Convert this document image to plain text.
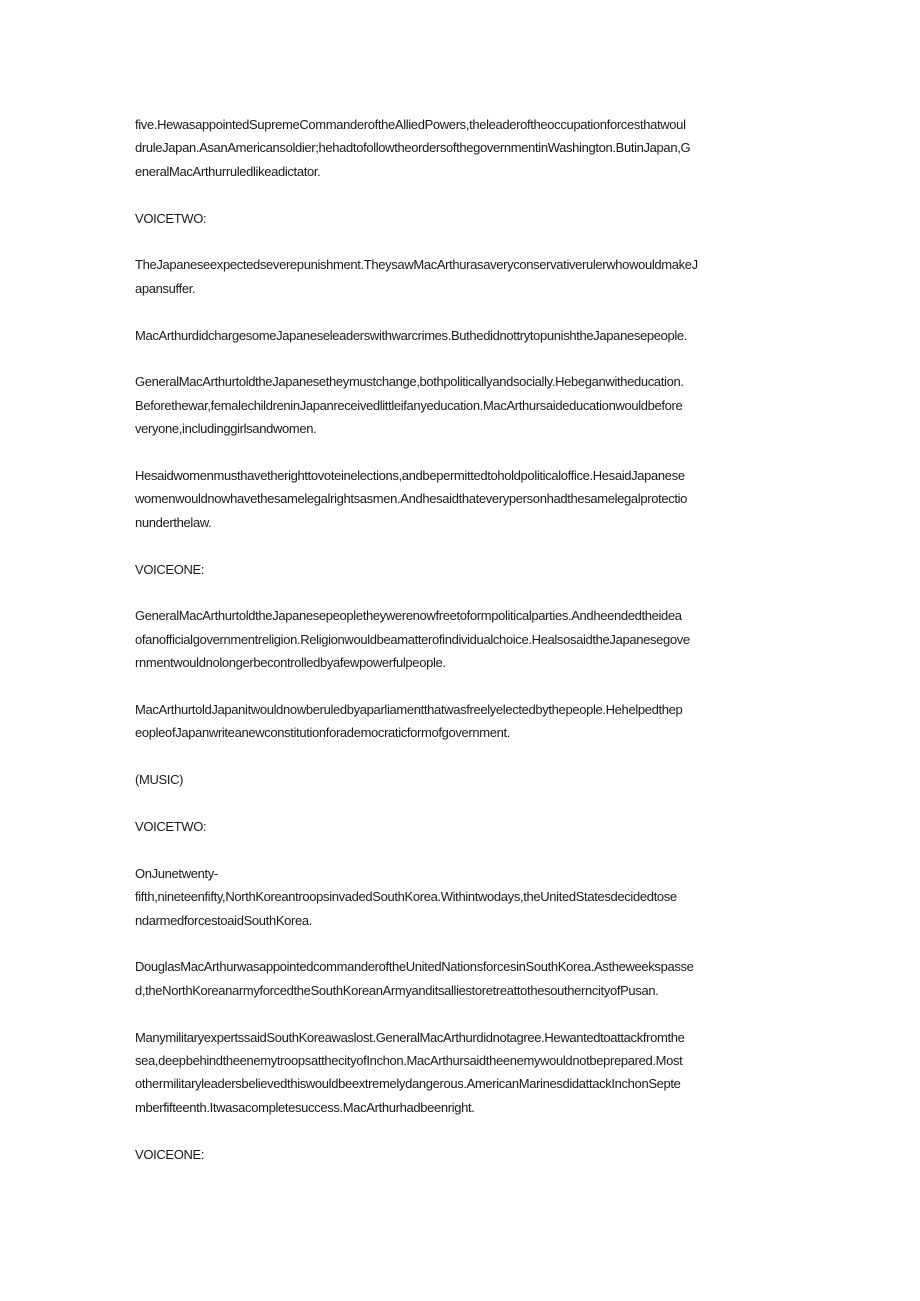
five.HewasappointedSupremeCommanderoftheAlliedPowers,theleaderoftheoccupationforcesthatwoul
druleJapan.AsanAmericansoldier;hehadtofollowtheordersofthegovernmentinWashington.ButinJapan,G
eneralMacArthurruledlikeadictator.

VOICETWO:

TheJapaneseexpectedseverepunishment.TheysawMacArthurasaveryconservativerulerwhowouldmakeJ
apansuffer.

MacArthurdidchargesomeJapaneseleaderswithwarcrimes.ButhedidnottrytopunishtheJapanesepeople.

GeneralMacArthurtoldtheJapanesetheymustchange,bothpoliticallyandsocially.Hebeganwitheducation.
Beforethewar,femalechildreninJapanreceivedlittleifanyeducation.MacArthursaideducationwouldbefore
veryone,includinggirlsandwomen.

Hesaidwomenmusthavetherighttovoteinelections,andbepermittedtoholdpoliticaloffice.HesaidJapanese
womenwouldnowhavethesamelegalrightsasmen.Andhesaidthateverypersonhadthesamelegalprotectio
nunderthelaw.

VOICEONE:

GeneralMacArthurtoldtheJapanesepeopletheywerenowfreetoformpoliticalparties.Andheendedtheidea
ofanofficialgovernmentreligion.Religionwouldbeamatterofindividualchoice.HealsosaidtheJapanesegove
rnmentwouldnolongerbecontrolledbyafewpowerfulpeople.

MacArthurtoldJapanitwouldnowberuledbyaparliamentthatwasfreelyelectedbythepeople.Hehelpedthep
eopleofJapanwriteanewconstitutionforademocraticformofgovernment.

(MUSIC)

VOICETWO:

OnJunetwenty-
fifth,nineteenfifty,NorthKoreantroopsinvadedSouthKorea.Withintwodays,theUnitedStatesdecidedtose
ndarmedforcestoaidSouthKorea.

DouglasMacArthurwasappointedcommanderoftheUnitedNationsforcesinSouthKorea.Astheweekspasse
d,theNorthKoreanarmyforcedtheSouthKoreanArmyanditsalliestoretreattothesoutherncityofPusan.

ManymilitaryexpertssaidSouthKoreawaslost.GeneralMacArthurdidnotagree.Hewantedtoattackfromthe
sea,deepbehindtheenemytroopsatthecityofInchon.MacArthursaidtheenemywouldnotbeprepared.Most
othermilitaryleadersbelievedthiswouldbeextremelydangerous.AmericanMarinesdidattackInchonSepte
mberfifteenth.Itwasacompletesuccess.MacArthurhadbeenright.

VOICEONE:
